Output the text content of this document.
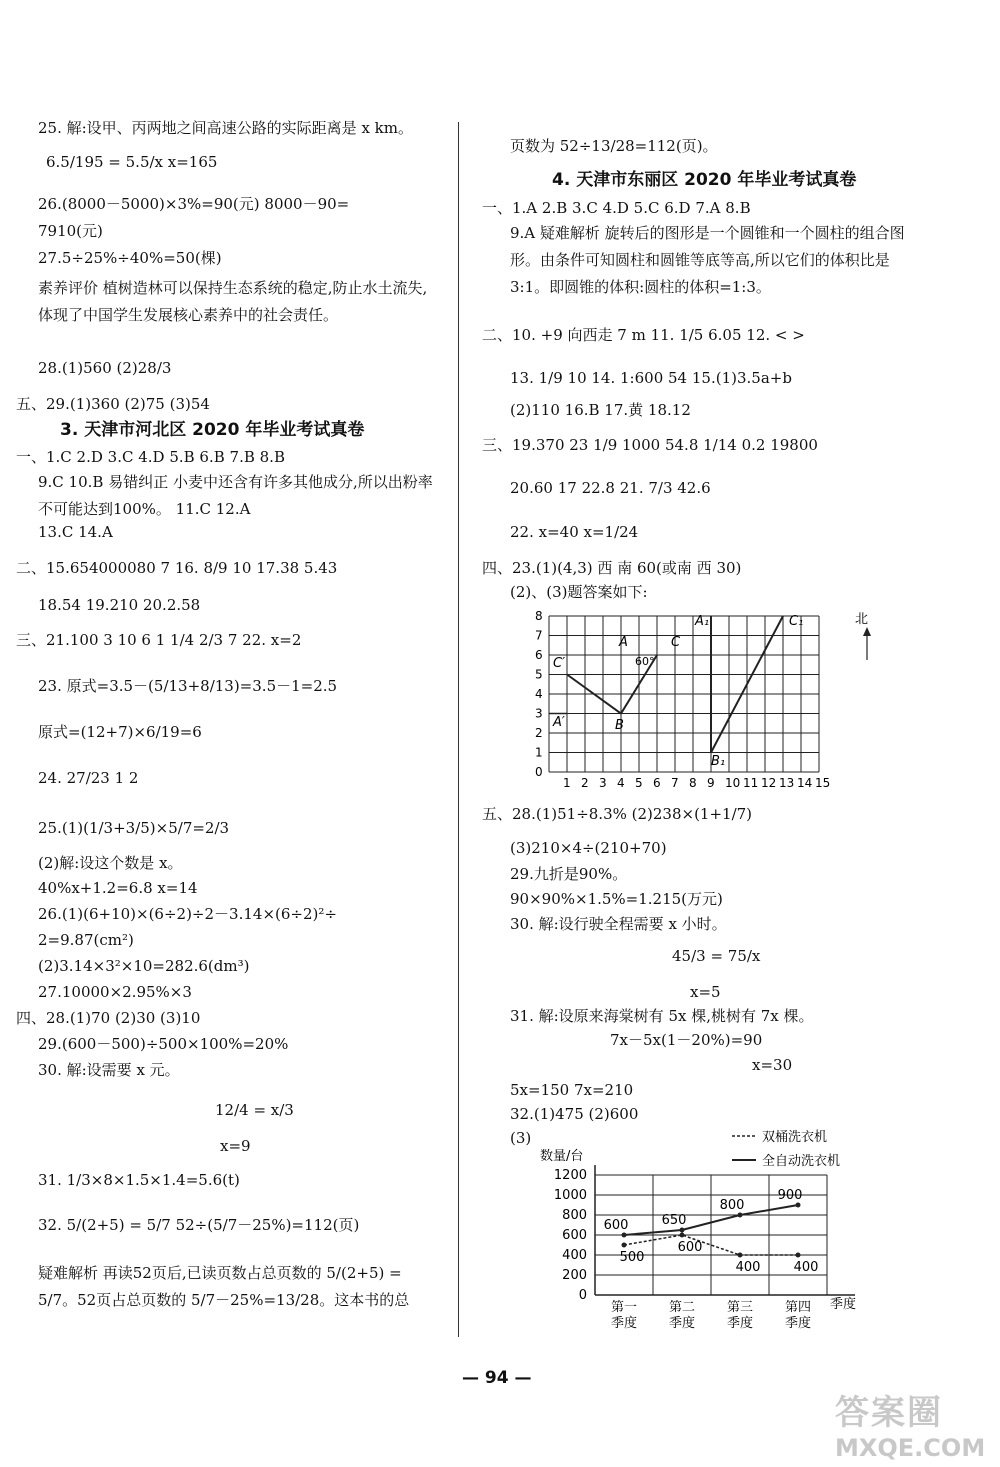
25. 解:设甲、丙两地之间高速公路的实际距离是 x km。
6.5/195 = 5.5/x x=165
26.(8000－5000)×3%=90(元) 8000－90=
7910(元)
27.5÷25%÷40%=50(棵)
素养评价 植树造林可以保持生态系统的稳定,防止水土流失,体现了中国学生发展核心素养中的社会责任。
28.(1)560 (2)28/3
五、29.(1)360 (2)75 (3)54
3. 天津市河北区 2020 年毕业考试真卷
一、1.C 2.D 3.C 4.D 5.B 6.B 7.B 8.B
9.C 10.B 易错纠正 小麦中还含有许多其他成分,所以出粉率不可能达到100%。 11.C 12.A
13.C 14.A
二、15.654000080 7 16. 8/9 10 17.38 5.43
18.54 19.210 20.2.58
三、21.100 3 10 6 1 1/4 2/3 7 22. x=2
23. 原式=3.5－(5/13+8/13)=3.5－1=2.5
原式=(12+7)×6/19=6
24. 27/23 1 2
25.(1)(1/3+3/5)×5/7=2/3
(2)解:设这个数是 x。
40%x+1.2=6.8 x=14
26.(1)(6+10)×(6÷2)÷2－3.14×(6÷2)²÷
2=9.87(cm²)
(2)3.14×3²×10=282.6(dm³)
27.10000×2.95%×3
四、28.(1)70 (2)30 (3)10
29.(600－500)÷500×100%=20%
30. 解:设需要 x 元。
12/4 = x/3
x=9
31. 1/3×8×1.5×1.4=5.6(t)
32. 5/(2+5) = 5/7 52÷(5/7－25%)=112(页)
疑难解析 再读52页后,已读页数占总页数的 5/(2+5) = 5/7。52页占总页数的 5/7－25%=13/28。这本书的总
页数为 52÷13/28=112(页)。
4. 天津市东丽区 2020 年毕业考试真卷
一、1.A 2.B 3.C 4.D 5.C 6.D 7.A 8.B
9.A 疑难解析 旋转后的图形是一个圆锥和一个圆柱的组合图形。由条件可知圆柱和圆锥等底等高,所以它们的体积比是3:1。即圆锥的体积:圆柱的体积=1:3。
二、10. +9 向西走 7 m 11. 1/5 6.05 12. < >
13. 1/9 10 14. 1:600 54 15.(1)3.5a+b
(2)110 16.B 17.黄 18.12
三、19.370 23 1/9 1000 54.8 1/14 0.2 19800
20.60 17 22.8 21. 7/3 42.6
22. x=40 x=1/24
四、23.(1)(4,3) 西 南 60(或南 西 30)
(2)、(3)题答案如下:
1 2 3 4 5 6 7 8 9 10 11 12 13 14 15
0
1
2
3
4
5
6
7
8
A	C
C′
A′	B
A₁	C₁
B₁
60°
北
五、28.(1)51÷8.3% (2)238×(1+1/7)
(3)210×4÷(210+70)
29.九折是90%。
90×90%×1.5%=1.215(万元)
30. 解:设行驶全程需要 x 小时。
45/3 = 75/x
x=5
31. 解:设原来海棠树有 5x 棵,桃树有 7x 棵。
7x－5x(1－20%)=90
x=30
5x=150 7x=210
32.(1)475 (2)600
(3)
数量/台
季度
双桶洗衣机
全自动洗衣机
0
200
400
600
800
1000
1200
第一
季度
第二
季度
第三
季度
第四
季度
500
600
400	400
600	650
800
900
— 94 —
答案圈
MXQE.COM
